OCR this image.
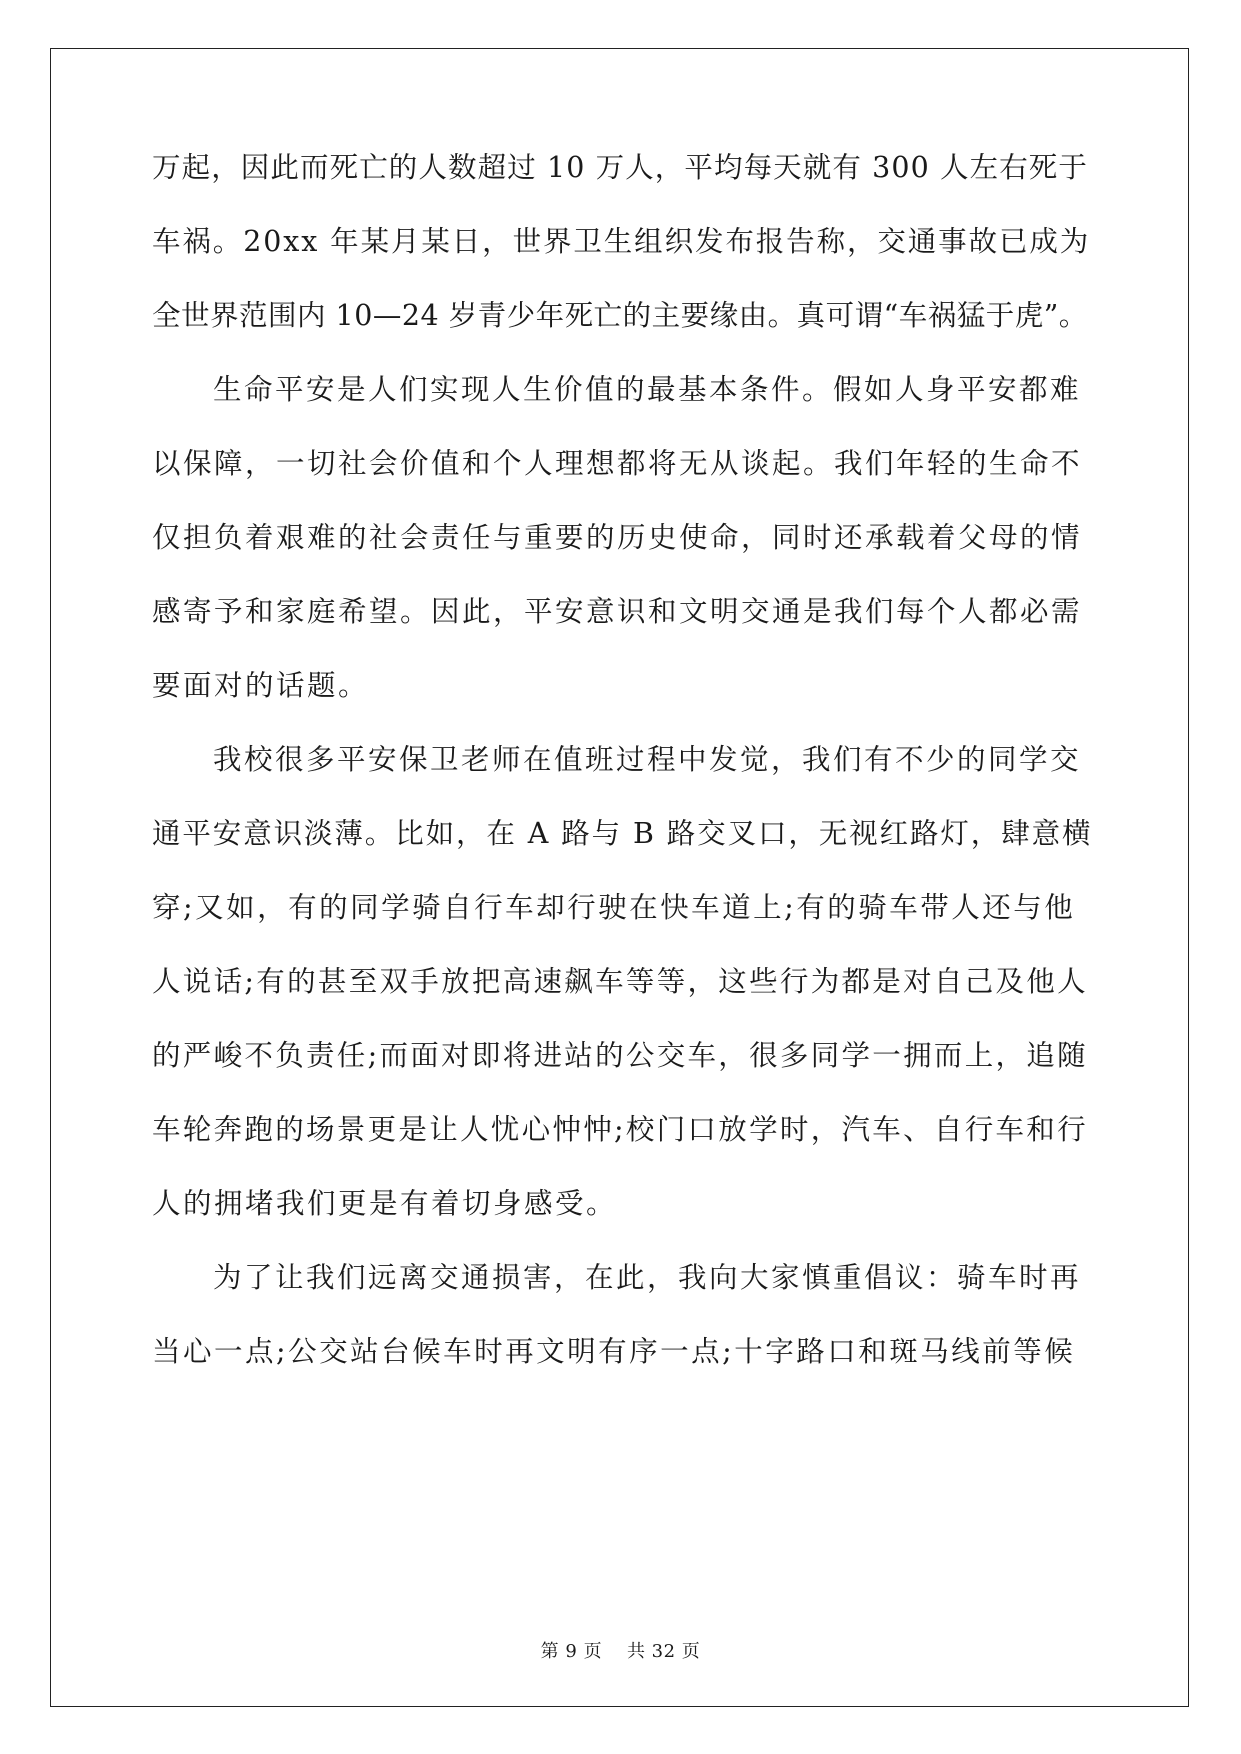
万起，因此而死亡的人数超过 10 万人，平均每天就有 300 人左右死于
车祸。20xx 年某月某日，世界卫生组织发布报告称，交通事故已成为
全世界范围内 10—24 岁青少年死亡的主要缘由。真可谓“车祸猛于虎”。
生命平安是人们实现人生价值的最基本条件。假如人身平安都难
以保障，一切社会价值和个人理想都将无从谈起。我们年轻的生命不
仅担负着艰难的社会责任与重要的历史使命，同时还承载着父母的情
感寄予和家庭希望。因此，平安意识和文明交通是我们每个人都必需
要面对的话题。
我校很多平安保卫老师在值班过程中发觉，我们有不少的同学交
通平安意识淡薄。比如，在 A 路与 B 路交叉口，无视红路灯，肆意横
穿;又如，有的同学骑自行车却行驶在快车道上;有的骑车带人还与他
人说话;有的甚至双手放把高速飙车等等，这些行为都是对自己及他人
的严峻不负责任;而面对即将进站的公交车，很多同学一拥而上，追随
车轮奔跑的场景更是让人忧心忡忡;校门口放学时，汽车、自行车和行
人的拥堵我们更是有着切身感受。
为了让我们远离交通损害，在此，我向大家慎重倡议：骑车时再
当心一点;公交站台候车时再文明有序一点;十字路口和斑马线前等候
第 9 页    共 32 页
